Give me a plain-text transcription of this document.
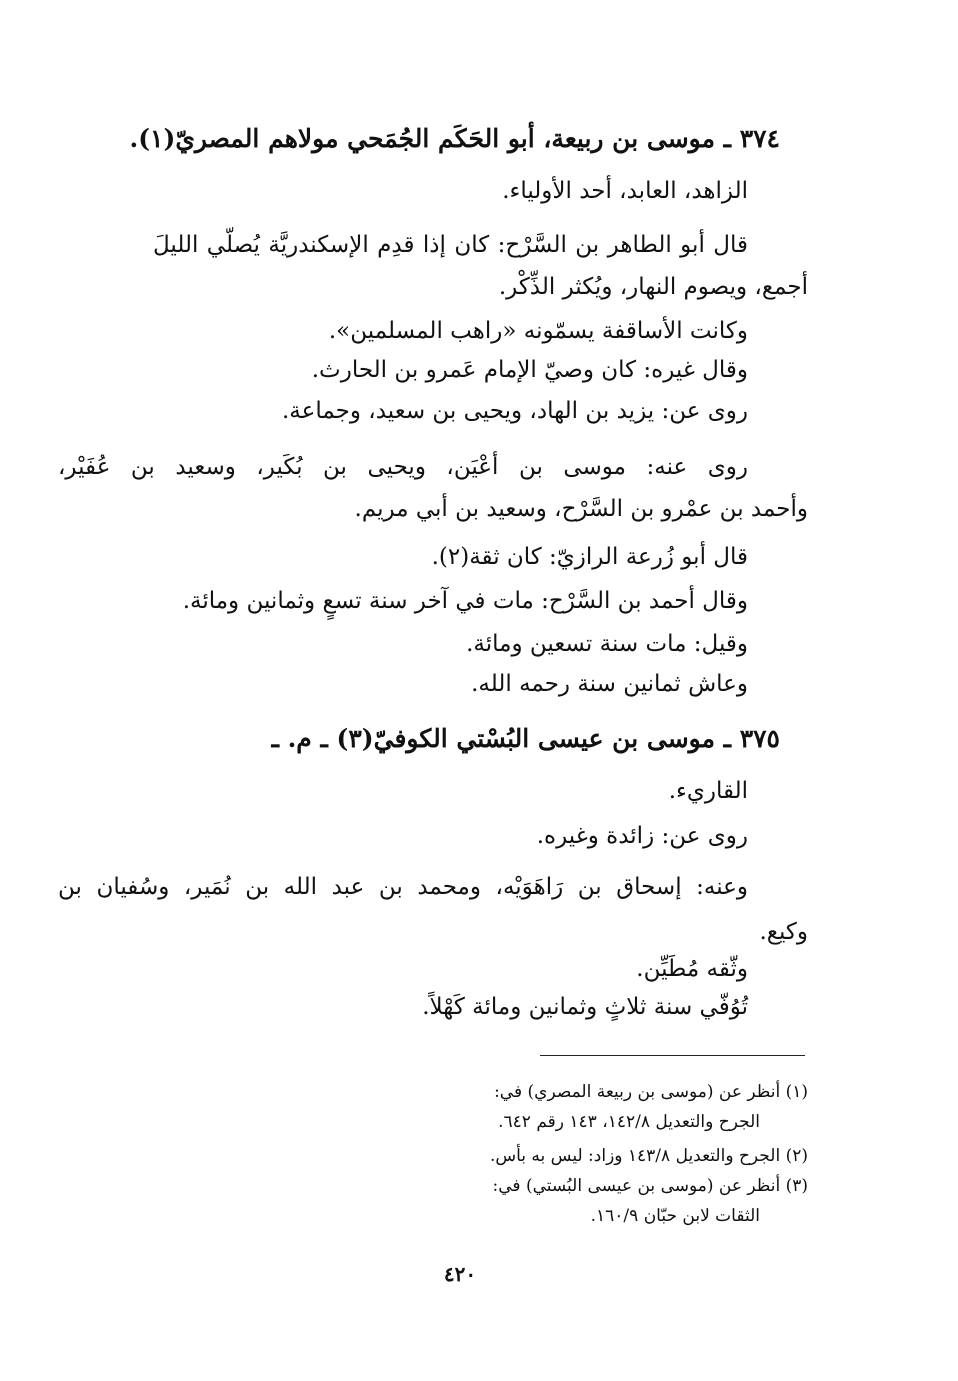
٣٧٤ ـ موسى بن ربيعة، أبو الحَكَم الجُمَحي مولاهم المصريّ(١).
الزاهد، العابد، أحد الأولياء.
قال أبو الطاهر بن السَّرْح: كان إذا قدِم الإسكندريَّة يُصلّي الليلَ
أجمع، ويصوم النهار، ويُكثر الذِّكْر.
وكانت الأساقفة يسمّونه «راهب المسلمين».
وقال غيره: كان وصيّ الإمام عَمرو بن الحارث.
روى عن: يزيد بن الهاد، ويحيى بن سعيد، وجماعة.
روى عنه: موسى بن أعْيَن، ويحيى بن بُكَير، وسعيد بن عُفَيْر،
وأحمد بن عمْرو بن السَّرْح، وسعيد بن أبي مريم.
قال أبو زُرعة الرازيّ: كان ثقة(٢).
وقال أحمد بن السَّرْح: مات في آخر سنة تسعٍ وثمانين ومائة.
وقيل: مات سنة تسعين ومائة.
وعاش ثمانين سنة رحمه الله.
٣٧٥ ـ موسى بن عيسى البُسْتي الكوفيّ(٣) ـ م. ـ
القاريء.
روى عن: زائدة وغيره.
وعنه: إسحاق بن رَاهَوَيْه، ومحمد بن عبد الله بن نُمَير، وسُفيان بن
وكيع.
وثّقه مُطَيِّن.
تُوُفّي سنة ثلاثٍ وثمانين ومائة كَهْلاً.
(١) أنظر عن (موسى بن ربيعة المصري) في:
الجرح والتعديل ١٤٢/٨، ١٤٣ رقم ٦٤٢.
(٢) الجرح والتعديل ١٤٣/٨ وزاد: ليس به بأس.
(٣) أنظر عن (موسى بن عيسى البُستي) في:
الثقات لابن حبّان ١٦٠/٩.
٤٢٠
